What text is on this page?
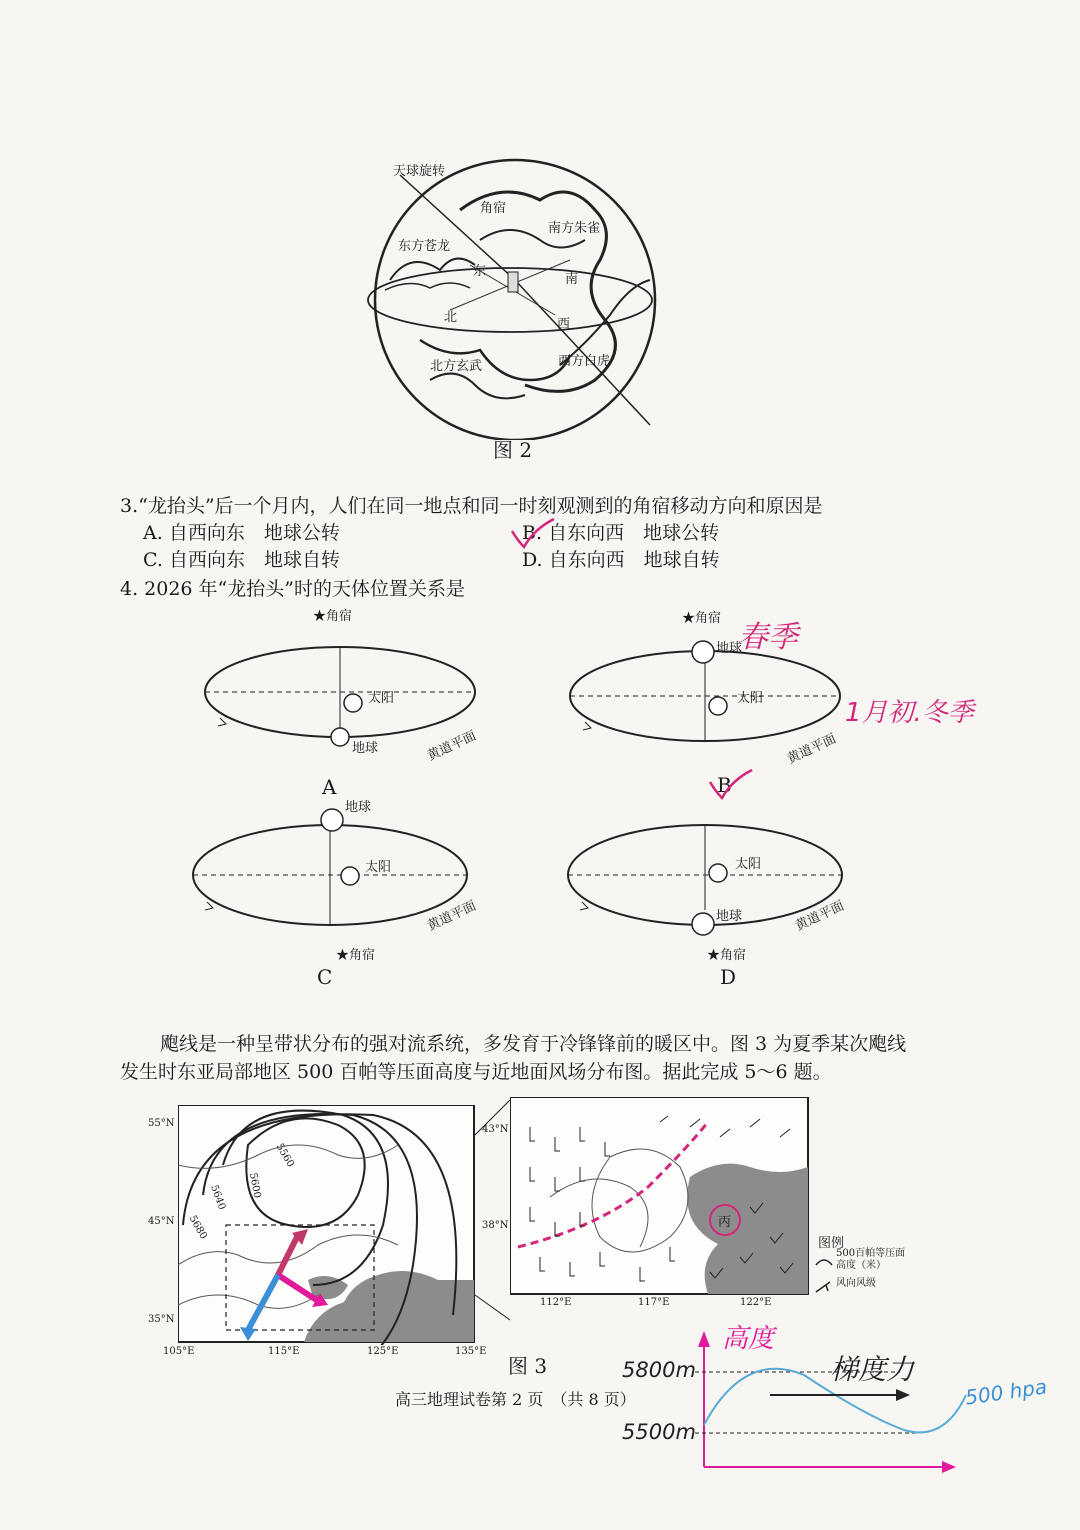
天球旋转
角宿
南方朱雀
东方苍龙
东
南
北	西
北方玄武	西方白虎
图 2
3.“龙抬头”后一个月内，人们在同一地点和同一时刻观测到的角宿移动方向和原因是
A. 自西向东　地球公转	B. 自东向西　地球公转
C. 自西向东　地球自转	D. 自东向西　地球自转
4. 2026 年“龙抬头”时的天体位置关系是
★角宿
太阳
地球	黄道平面
A
★角宿
地球
太阳
黄道平面
B
地球
太阳
黄道平面
★角宿
C
太阳
地球	黄道平面
★角宿
D
春季
1月初.冬季
飑线是一种呈带状分布的强对流系统，多发育于冷锋锋前的暖区中。图 3 为夏季某次飑线
发生时东亚局部地区 500 百帕等压面高度与近地面风场分布图。据此完成 5～6 题。
55°N
45°N
35°N
105°E	115°E	125°E	135°E
5560
5600
5640
5680
43°N
38°N
112°E	117°E	122°E
丙
图例
500百帕等压面高度（米）
风向风级
图 3
高度
梯度力
5800m
5500m
500 hpa
高三地理试卷第 2 页　（共 8 页）
